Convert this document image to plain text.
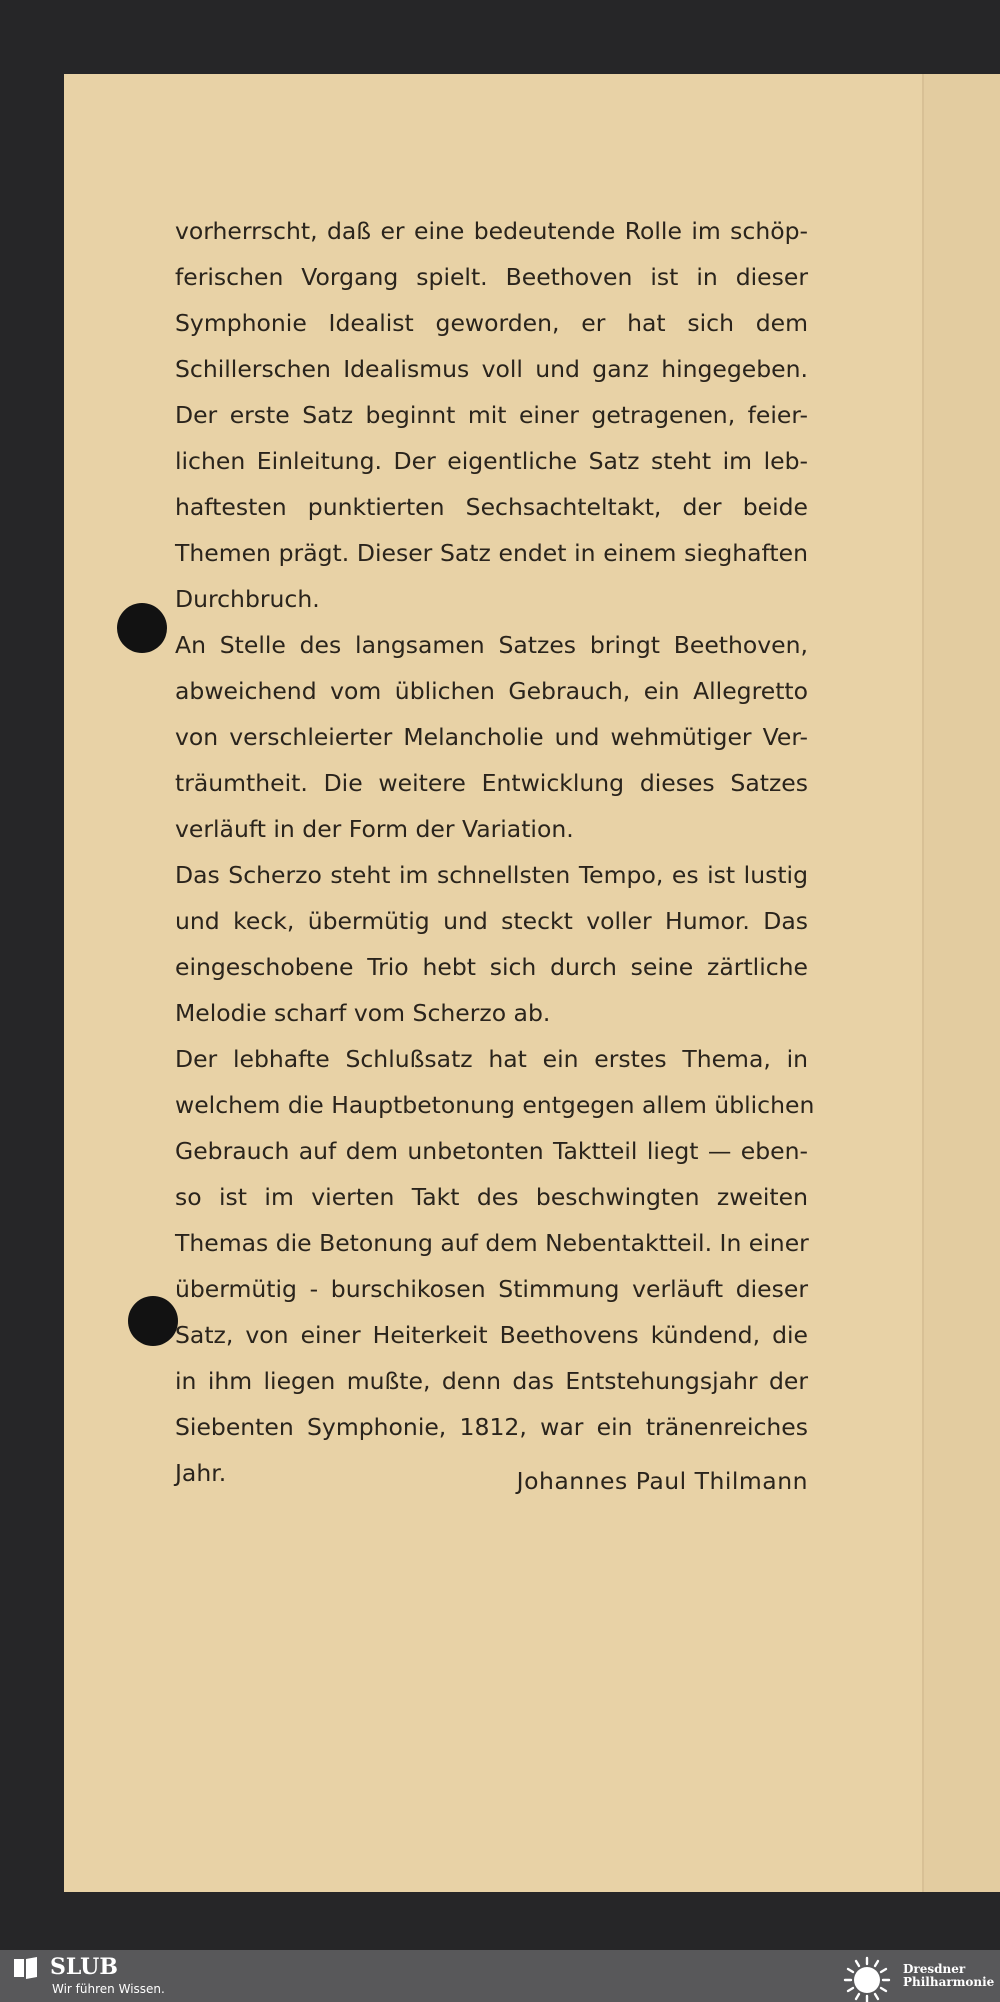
vorherrscht, daß er eine bedeutende Rolle im schöp-
ferischen Vorgang spielt. Beethoven ist in dieser
Symphonie Idealist geworden, er hat sich dem
Schillerschen Idealismus voll und ganz hingegeben.
Der erste Satz beginnt mit einer getragenen, feier-
lichen Einleitung. Der eigentliche Satz steht im leb-
haftesten punktierten Sechsachteltakt, der beide
Themen prägt. Dieser Satz endet in einem sieghaften
Durchbruch.
An Stelle des langsamen Satzes bringt Beethoven,
abweichend vom üblichen Gebrauch, ein Allegretto
von verschleierter Melancholie und wehmütiger Ver-
träumtheit. Die weitere Entwicklung dieses Satzes
verläuft in der Form der Variation.
Das Scherzo steht im schnellsten Tempo, es ist lustig
und keck, übermütig und steckt voller Humor. Das
eingeschobene Trio hebt sich durch seine zärtliche
Melodie scharf vom Scherzo ab.
Der lebhafte Schlußsatz hat ein erstes Thema, in
welchem die Hauptbetonung entgegen allem üblichen
Gebrauch auf dem unbetonten Taktteil liegt — eben-
so ist im vierten Takt des beschwingten zweiten
Themas die Betonung auf dem Nebentaktteil. In einer
übermütig - burschikosen Stimmung verläuft dieser
Satz, von einer Heiterkeit Beethovens kündend, die
in ihm liegen mußte, denn das Entstehungsjahr der
Siebenten Symphonie, 1812, war ein tränenreiches
Jahr.	Johannes Paul Thilmann
SLUB
Wir führen Wissen.
Dresdner
Philharmonie
